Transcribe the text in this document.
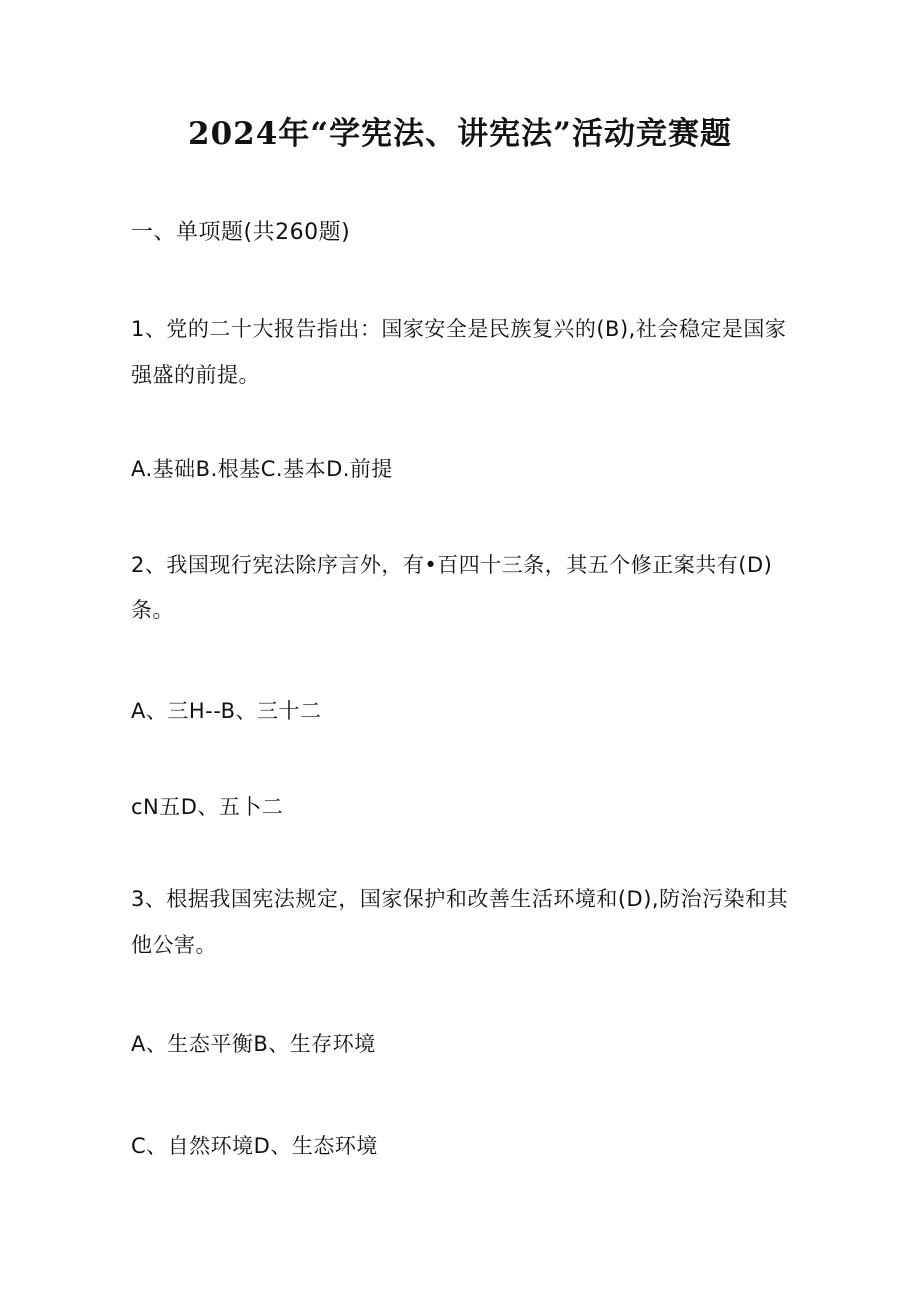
2024年“学宪法、讲宪法”活动竞赛题
一、单项题(共260题)
1、党的二十大报告指出：国家安全是民族复兴的(B),社会稳定是国家
强盛的前提。
A.基础B.根基C.基本D.前提
2、我国现行宪法除序言外，有•百四十三条，其五个修正案共有(D)
条。
A、三H--B、三十二
cN五D、五卜二
3、根据我国宪法规定，国家保护和改善生活环境和(D),防治污染和其
他公害。
A、生态平衡B、生存环境
C、自然环境D、生态环境
